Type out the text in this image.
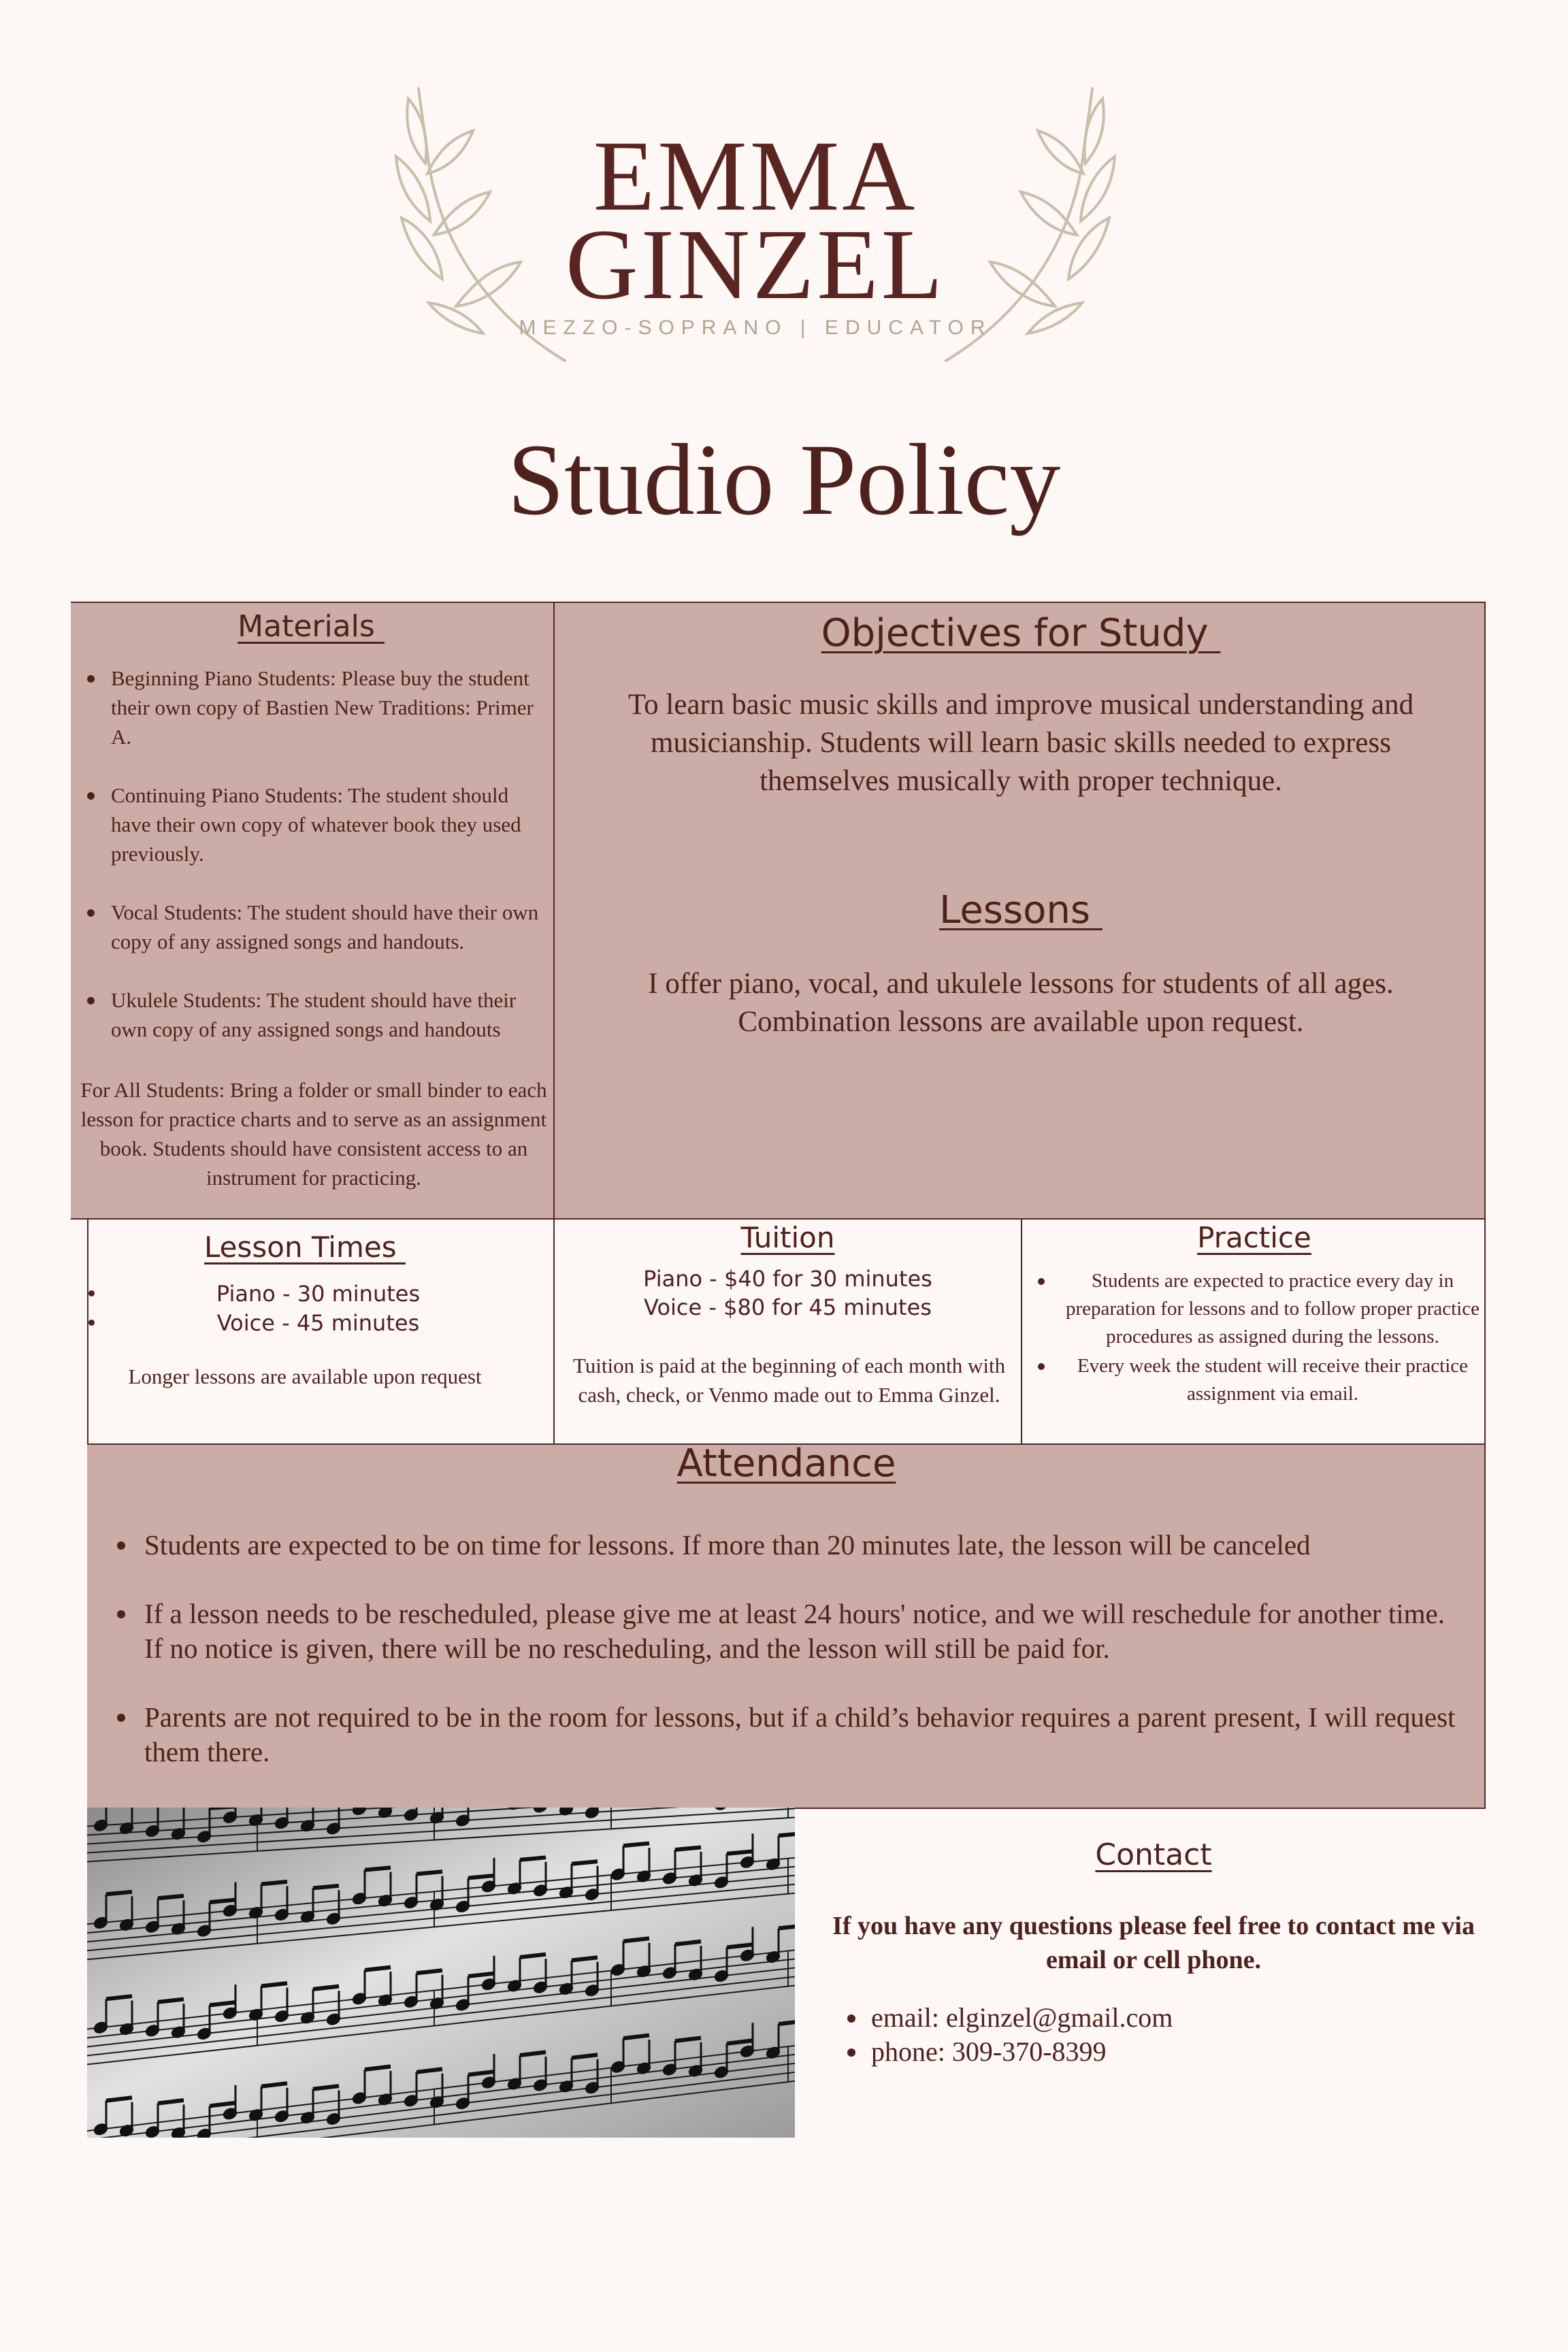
EMMA
GINZEL
MEZZO-SOPRANO | EDUCATOR
Studio Policy
Materials
Beginning Piano Students: Please buy the student their own copy of Bastien New Traditions: Primer A.
Continuing Piano Students: The student should have their own copy of whatever book they used previously.
Vocal Students: The student should have their own copy of any assigned songs and handouts.
Ukulele Students: The student should have their own copy of any assigned songs and handouts
For All Students: Bring a folder or small binder to each lesson for practice charts and to serve as an assignment book. Students should have consistent access to an instrument for practicing.
Objectives for Study
To learn basic music skills and improve musical understanding and musicianship. Students will learn basic skills needed to express themselves musically with proper technique.
Lessons
I offer piano, vocal, and ukulele lessons for students of all ages. Combination lessons are available upon request.
Lesson Times
Piano - 30 minutes
Voice - 45 minutes
Longer lessons are available upon request
Tuition
Piano - $40 for 30 minutes
Voice - $80 for 45 minutes
Tuition is paid at the beginning of each month with cash, check, or Venmo made out to Emma Ginzel.
Practice
Students are expected to practice every day in preparation for lessons and to follow proper practice procedures as assigned during the lessons.
Every week the student will receive their practice assignment via email.
Attendance
Students are expected to be on time for lessons. If more than 20 minutes late, the lesson will be canceled
If a lesson needs to be rescheduled, please give me at least 24 hours' notice, and we will reschedule for another time. If no notice is given, there will be no rescheduling, and the lesson will still be paid for.
Parents are not required to be in the room for lessons, but if a child’s behavior requires a parent present, I will request them there.
Contact
If you have any questions please feel free to contact me via email or cell phone.
email: elginzel@gmail.com
phone: 309-370-8399
